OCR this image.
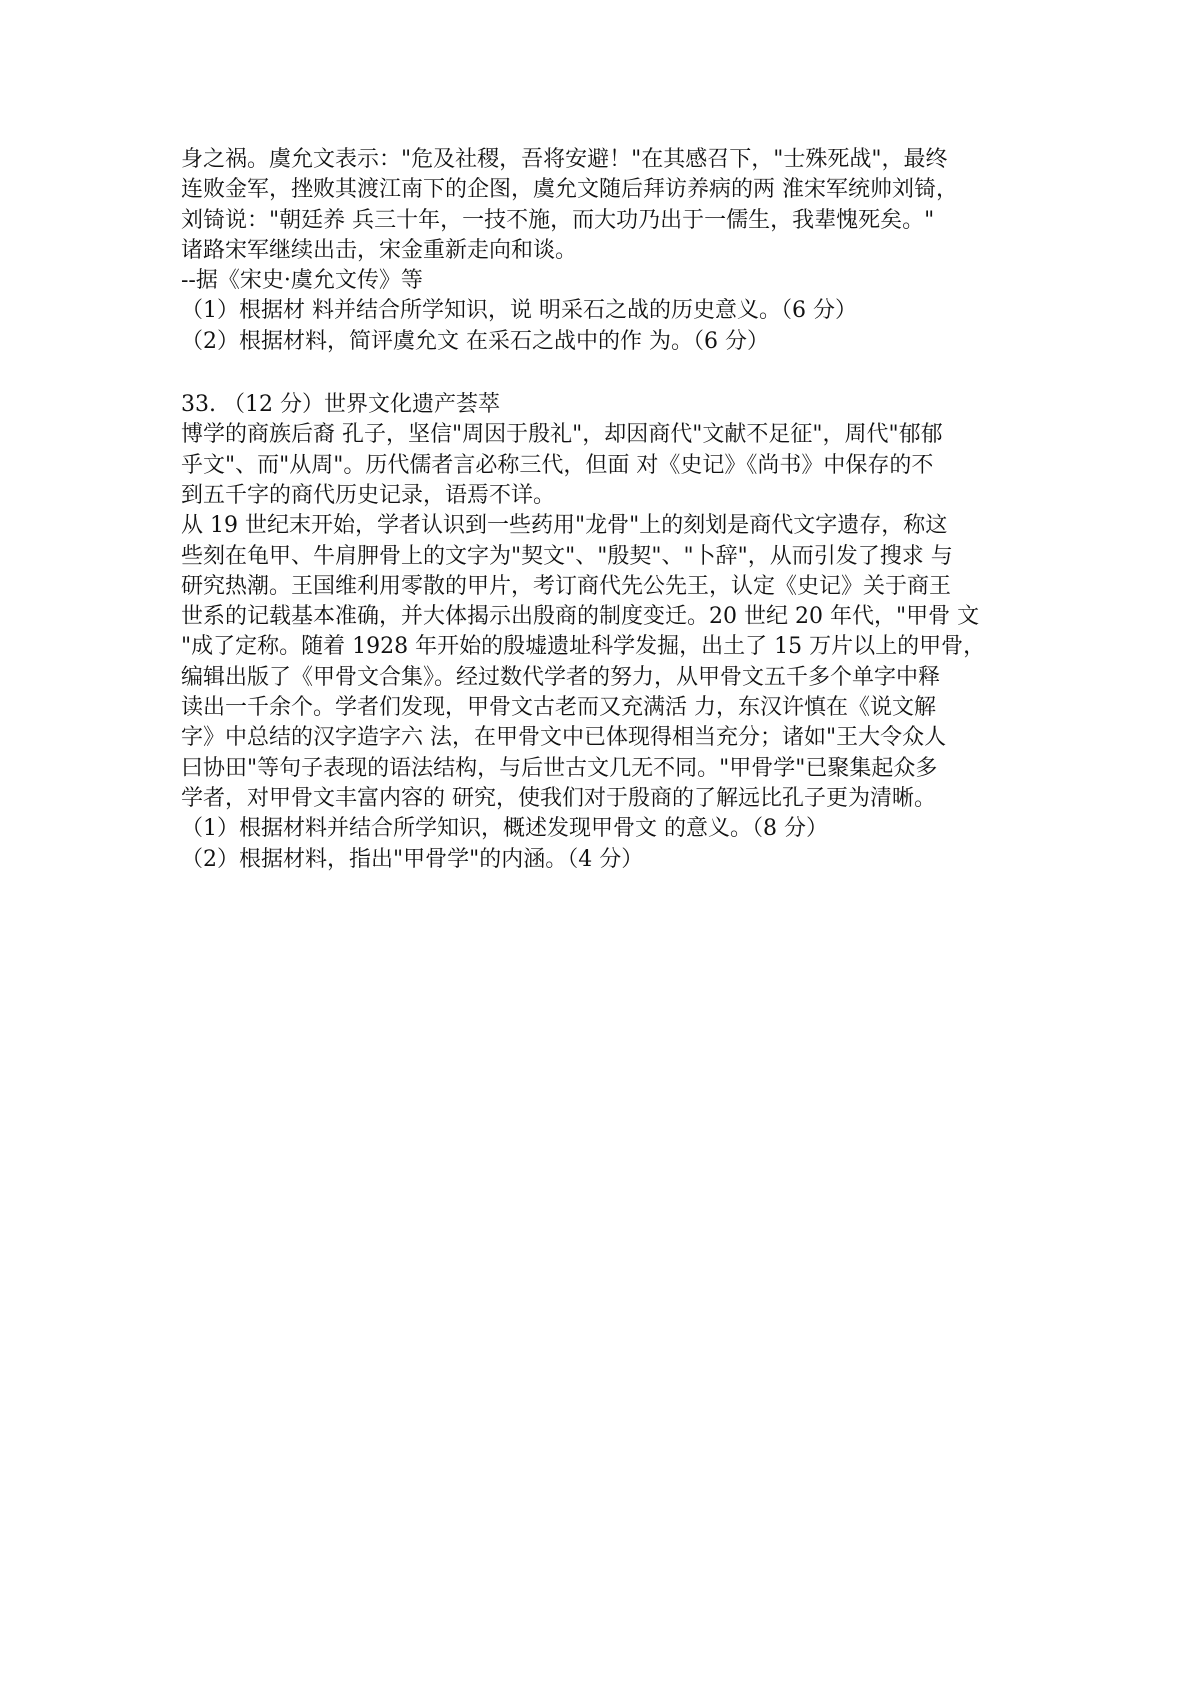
身之祸。虞允文表示："危及社稷，吾将安避！"在其感召下，"士殊死战"，最终
连败金军，挫败其渡江南下的企图，虞允文随后拜访养病的两 淮宋军统帅刘锜，
刘锜说："朝廷养 兵三十年，一技不施，而大功乃出于一儒生，我辈愧死矣。"
诸路宋军继续出击，宋金重新走向和谈。
--据《宋史·虞允文传》等
（1）根据材 料并结合所学知识，说 明采石之战的历史意义。（6 分）
（2）根据材料，简评虞允文 在采石之战中的作 为。（6 分）
33. （12 分）世界文化遗产荟萃
博学的商族后裔 孔子，坚信"周因于殷礼"，却因商代"文献不足征"，周代"郁郁
乎文"、而"从周"。历代儒者言必称三代，但面 对《史记》《尚书》中保存的不
到五千字的商代历史记录，语焉不详。
从 19 世纪末开始，学者认识到一些药用"龙骨"上的刻划是商代文字遗存，称这
些刻在龟甲、牛肩胛骨上的文字为"契文"、"殷契"、"卜辞"，从而引发了搜求 与
研究热潮。王国维利用零散的甲片，考订商代先公先王，认定《史记》关于商王
世系的记载基本准确，并大体揭示出殷商的制度变迁。20 世纪 20 年代，"甲骨 文
"成了定称。随着 1928 年开始的殷墟遗址科学发掘，出土了 15 万片以上的甲骨，
编辑出版了《甲骨文合集》。经过数代学者的努力，从甲骨文五千多个单字中释
读出一千余个。学者们发现，甲骨文古老而又充满活 力，东汉许慎在《说文解
字》中总结的汉字造字六 法，在甲骨文中已体现得相当充分；诸如"王大令众人
曰协田"等句子表现的语法结构，与后世古文几无不同。"甲骨学"已聚集起众多
学者，对甲骨文丰富内容的 研究，使我们对于殷商的了解远比孔子更为清晰。
（1）根据材料并结合所学知识，概述发现甲骨文 的意义。（8 分）
（2）根据材料，指出"甲骨学"的内涵。（4 分）
